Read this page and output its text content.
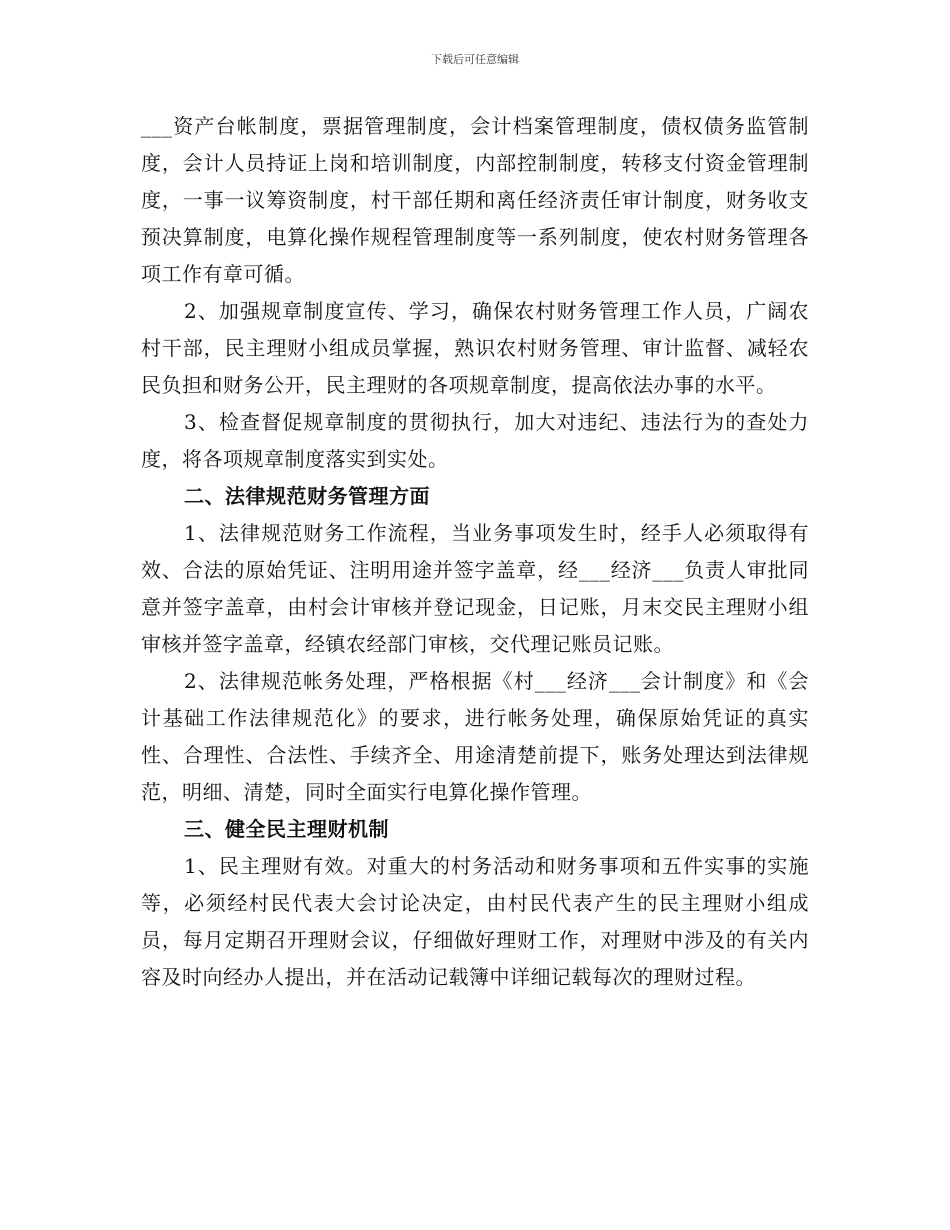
下载后可任意编辑

___资产台帐制度，票据管理制度，会计档案管理制度，债权债务监管制度，会计人员持证上岗和培训制度，内部控制制度，转移支付资金管理制度，一事一议筹资制度，村干部任期和离任经济责任审计制度，财务收支预决算制度，电算化操作规程管理制度等一系列制度，使农村财务管理各项工作有章可循。

2、加强规章制度宣传、学习，确保农村财务管理工作人员，广阔农村干部，民主理财小组成员掌握，熟识农村财务管理、审计监督、减轻农民负担和财务公开，民主理财的各项规章制度，提高依法办事的水平。

3、检查督促规章制度的贯彻执行，加大对违纪、违法行为的查处力度，将各项规章制度落实到实处。

二、法律规范财务管理方面

1、法律规范财务工作流程，当业务事项发生时，经手人必须取得有效、合法的原始凭证、注明用途并签字盖章，经___经济___负责人审批同意并签字盖章，由村会计审核并登记现金，日记账，月末交民主理财小组审核并签字盖章，经镇农经部门审核，交代理记账员记账。

2、法律规范帐务处理，严格根据《村___经济___会计制度》和《会计基础工作法律规范化》的要求，进行帐务处理，确保原始凭证的真实性、合理性、合法性、手续齐全、用途清楚前提下，账务处理达到法律规范，明细、清楚，同时全面实行电算化操作管理。

三、健全民主理财机制

1、民主理财有效。对重大的村务活动和财务事项和五件实事的实施等，必须经村民代表大会讨论决定，由村民代表产生的民主理财小组成员，每月定期召开理财会议，仔细做好理财工作，对理财中涉及的有关内容及时向经办人提出，并在活动记载簿中详细记载每次的理财过程。
